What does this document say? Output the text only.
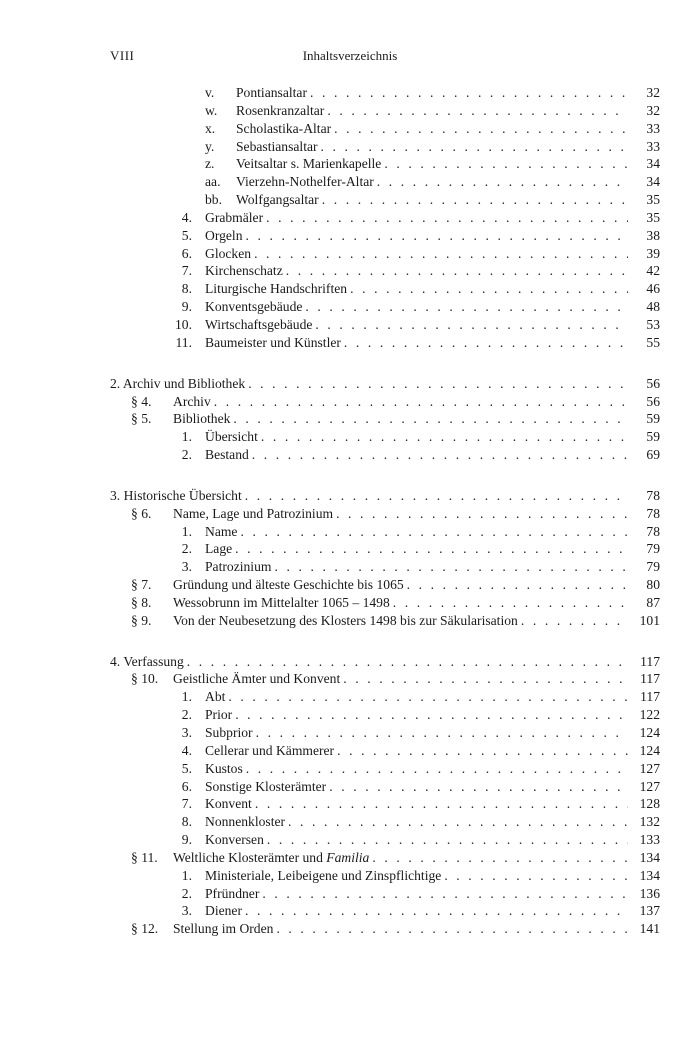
VIII	Inhaltsverzeichnis
v. Pontiansaltar . . .	32
w. Rosenkranzaltar . . .	32
x. Scholastika-Altar . . .	33
y. Sebastiansaltar . . .	33
z. Veitsaltar s. Marienkapelle . . .	34
aa. Vierzehn-Nothelfer-Altar . . .	34
bb. Wolfgangsaltar . . .	35
4. Grabmäler . . .	35
5. Orgeln . . .	38
6. Glocken . . .	39
7. Kirchenschatz . . .	42
8. Liturgische Handschriften . . .	46
9. Konventsgebäude . . .	48
10. Wirtschaftsgebäude . . .	53
11. Baumeister und Künstler . . .	55
2. Archiv und Bibliothek . . .	56
§ 4. Archiv . . .	56
§ 5. Bibliothek . . .	59
1. Übersicht . . .	59
2. Bestand . . .	69
3. Historische Übersicht . . .	78
§ 6. Name, Lage und Patrozinium . . .	78
1. Name . . .	78
2. Lage . . .	79
3. Patrozinium . . .	79
§ 7. Gründung und älteste Geschichte bis 1065 . . .	80
§ 8. Wessobrunn im Mittelalter 1065 – 1498 . . .	87
§ 9. Von der Neubesetzung des Klosters 1498 bis zur Säkularisation . . .	101
4. Verfassung . . .	117
§ 10. Geistliche Ämter und Konvent . . .	117
1. Abt . . .	117
2. Prior . . .	122
3. Subprior . . .	124
4. Cellerar und Kämmerer . . .	124
5. Kustos . . .	127
6. Sonstige Klosterämter . . .	127
7. Konvent . . .	128
8. Nonnenkloster . . .	132
9. Konversen . . .	133
§ 11. Weltliche Klosterämter und Familia . . .	134
1. Ministeriale, Leibeigene und Zinspflichtige . . .	134
2. Pfründner . . .	136
3. Diener . . .	137
§ 12. Stellung im Orden . . .	141
